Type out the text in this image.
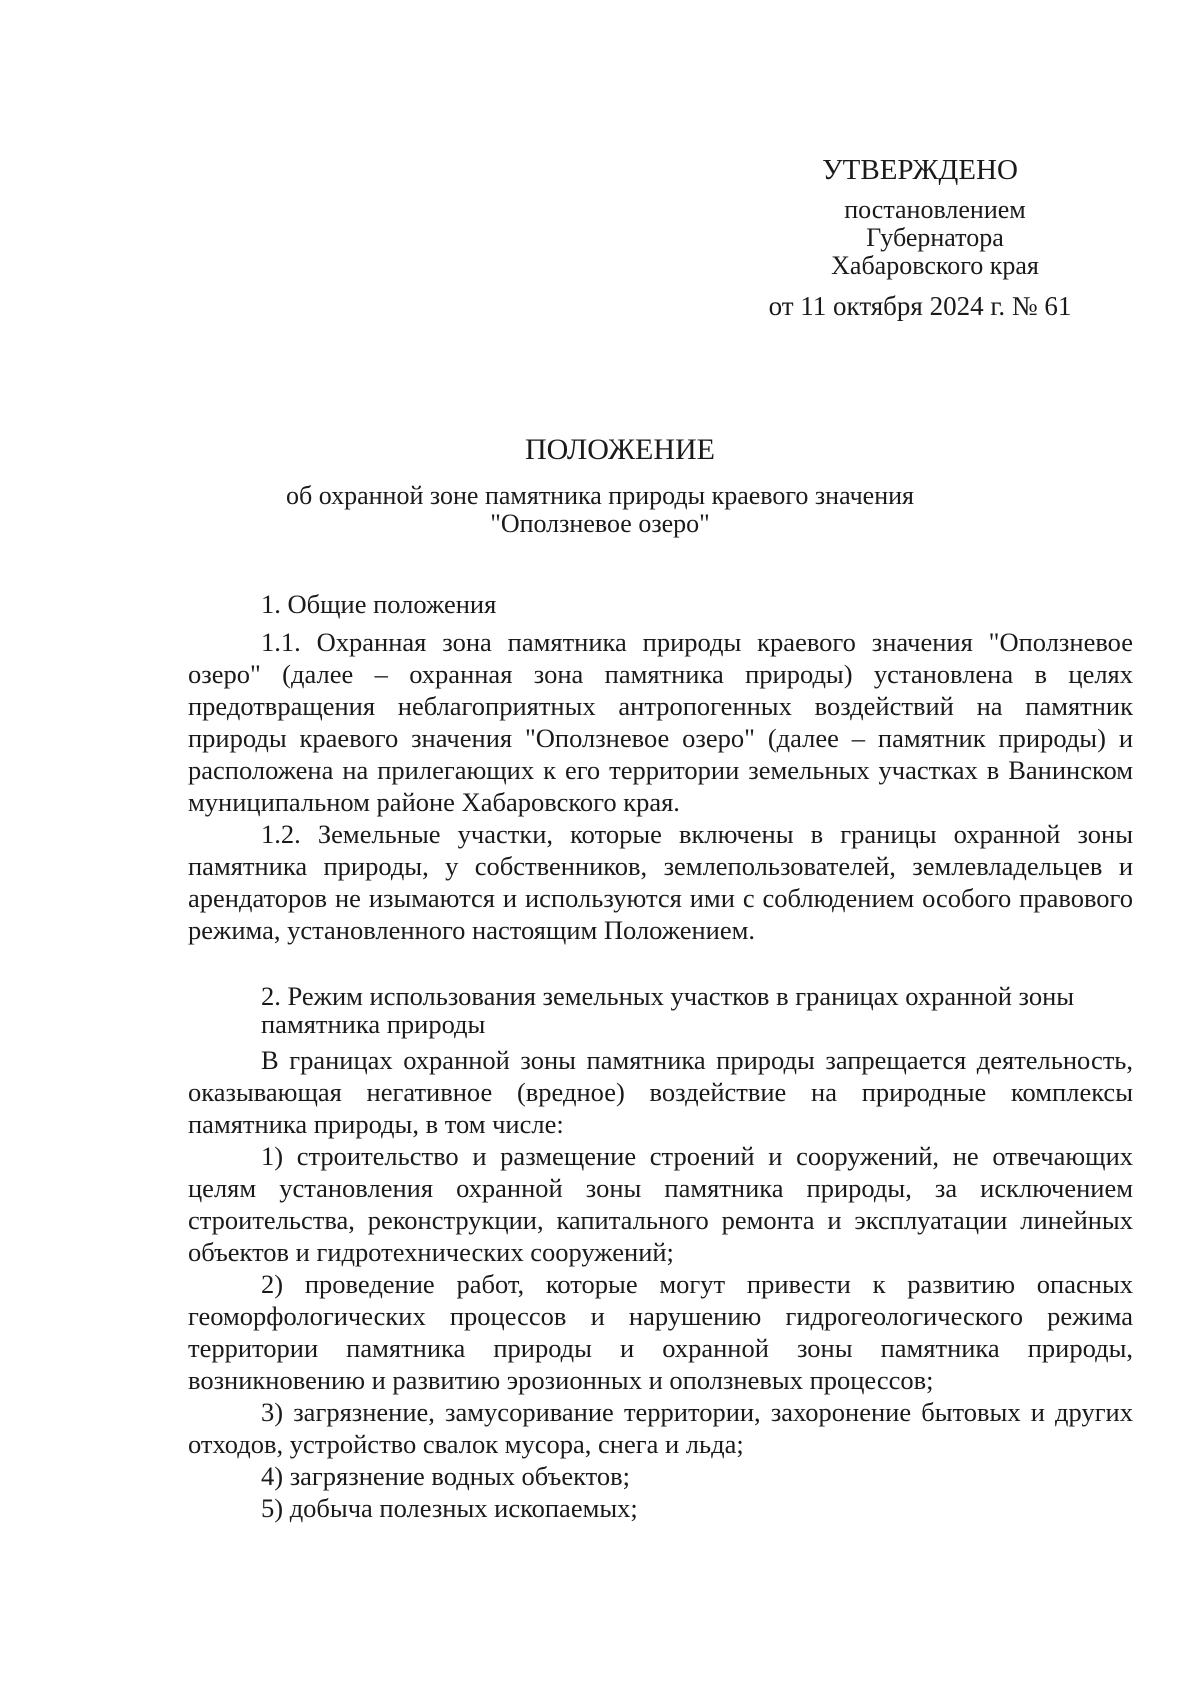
УТВЕРЖДЕНО
постановлением
Губернатора
Хабаровского края
от 11 октября 2024 г. № 61
ПОЛОЖЕНИЕ
об охранной зоне памятника природы краевого значения
"Оползневое озеро"

1. Общие положения

1.1. Охранная зона памятника природы краевого значения "Оползневое озеро" (далее – охранная зона памятника природы) установлена в целях предотвращения неблагоприятных антропогенных воздействий на памятник природы краевого значения "Оползневое озеро" (далее – памятник природы) и расположена на прилегающих к его территории земельных участках в Ванинском муниципальном районе Хабаровского края.

1.2. Земельные участки, которые включены в границы охранной зоны памятника природы, у собственников, землепользователей, землевладельцев и арендаторов не изымаются и используются ими с соблюдением особого правового режима, установленного настоящим Положением.

2. Режим использования земельных участков в границах охранной зоны памятника природы

В границах охранной зоны памятника природы запрещается деятельность, оказывающая негативное (вредное) воздействие на природные комплексы памятника природы, в том числе:

1) строительство и размещение строений и сооружений, не отвечающих целям установления охранной зоны памятника природы, за исключением строительства, реконструкции, капитального ремонта и эксплуатации линейных объектов и гидротехнических сооружений;

2) проведение работ, которые могут привести к развитию опасных геоморфологических процессов и нарушению гидрогеологического режима территории памятника природы и охранной зоны памятника природы, возникновению и развитию эрозионных и оползневых процессов;

3) загрязнение, замусоривание территории, захоронение бытовых и других отходов, устройство свалок мусора, снега и льда;

4) загрязнение водных объектов;

5) добыча полезных ископаемых;
